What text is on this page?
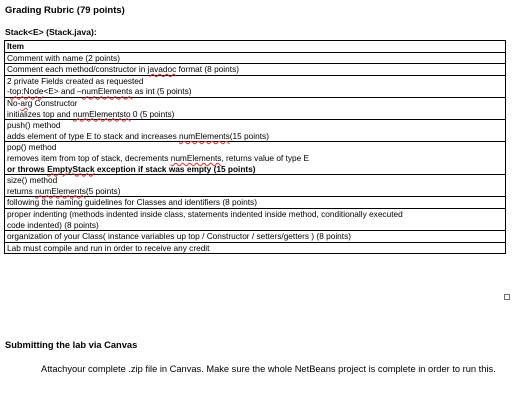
Grading Rubric (79 points)
Stack<E> (Stack.java):
Item

Comment with name (2 points)

Comment each method/constructor in javadoc format (8 points)

2 private Fields created as requested
-top:Node<E> and –numElements as int (5 points)

No-arg Constructor
initializes top and numElementsto 0 (5 points)

push() method
adds element of type E to stack and increases numElements(15 points)

pop() method
removes item from top of stack, decrements numElements, returns value of type E
or throws EmptyStack exception if stack was empty (15 points)

size() method
returns numElements(5 points)

following the naming guidelines for Classes and identifiers (8 points)

proper indenting (methods indented inside class, statements indented inside method, conditionally executed
code indented) (8 points)

organization of your Class( instance variables up top / Constructor / setters/getters ) (8 points)

Lab must compile and run in order to receive any credit
Submitting the lab via Canvas
Attachyour complete .zip file in Canvas. Make sure the whole NetBeans project is complete in order to run this.
